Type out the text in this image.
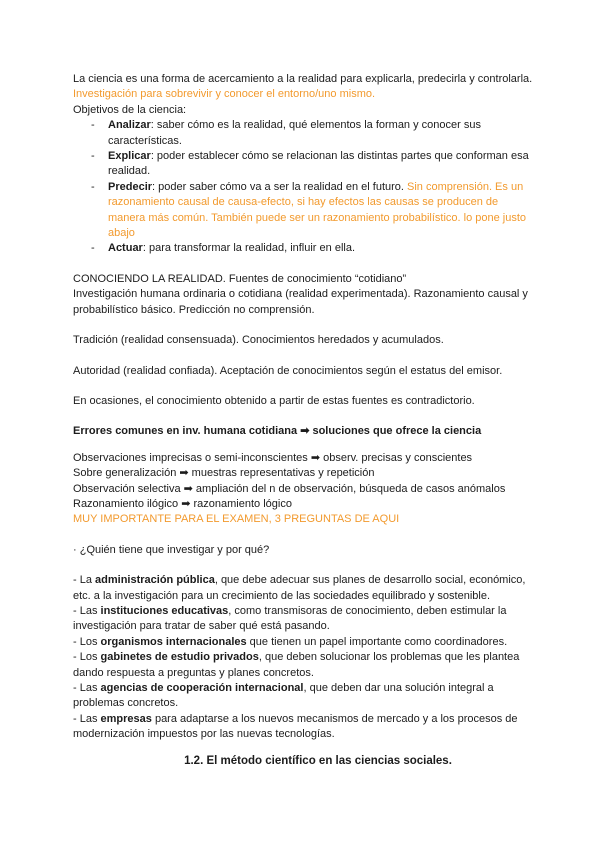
La ciencia es una forma de acercamiento a la realidad para explicarla, predecirla y controlarla.

Investigación para sobrevivir y conocer el entorno/uno mismo.

Objetivos de la ciencia:

- Analizar: saber cómo es la realidad, qué elementos la forman y conocer sus características.
- Explicar: poder establecer cómo se relacionan las distintas partes que conforman esa realidad.
- Predecir: poder saber cómo va a ser la realidad en el futuro. Sin comprensión. Es un razonamiento causal de causa-efecto, si hay efectos las causas se producen de manera más común. También puede ser un razonamiento probabilístico. lo pone justo abajo
- Actuar: para transformar la realidad, influir en ella.

CONOCIENDO LA REALIDAD. Fuentes de conocimiento “cotidiano”

Investigación humana ordinaria o cotidiana (realidad experimentada). Razonamiento causal y probabilístico básico. Predicción no comprensión.

Tradición (realidad consensuada). Conocimientos heredados y acumulados.

Autoridad (realidad confiada). Aceptación de conocimientos según el estatus del emisor.

En ocasiones, el conocimiento obtenido a partir de estas fuentes es contradictorio.

Errores comunes en inv. humana cotidiana ➡ soluciones que ofrece la ciencia

Observaciones imprecisas o semi-inconscientes ➡ observ. precisas y conscientes

Sobre generalización ➡ muestras representativas y repetición

Observación selectiva ➡ ampliación del n de observación, búsqueda de casos anómalos

Razonamiento ilógico ➡ razonamiento lógico

MUY IMPORTANTE PARA EL EXAMEN, 3 PREGUNTAS DE AQUI

· ¿Quién tiene que investigar y por qué?

- La administración pública, que debe adecuar sus planes de desarrollo social, económico, etc. a la investigación para un crecimiento de las sociedades equilibrado y sostenible.

- Las instituciones educativas, como transmisoras de conocimiento, deben estimular la investigación para tratar de saber qué está pasando.

- Los organismos internacionales que tienen un papel importante como coordinadores.

- Los gabinetes de estudio privados, que deben solucionar los problemas que les plantea dando respuesta a preguntas y planes concretos.

- Las agencias de cooperación internacional, que deben dar una solución integral a problemas concretos.

- Las empresas para adaptarse a los nuevos mecanismos de mercado y a los procesos de modernización impuestos por las nuevas tecnologías.

1.2. El método científico en las ciencias sociales.
